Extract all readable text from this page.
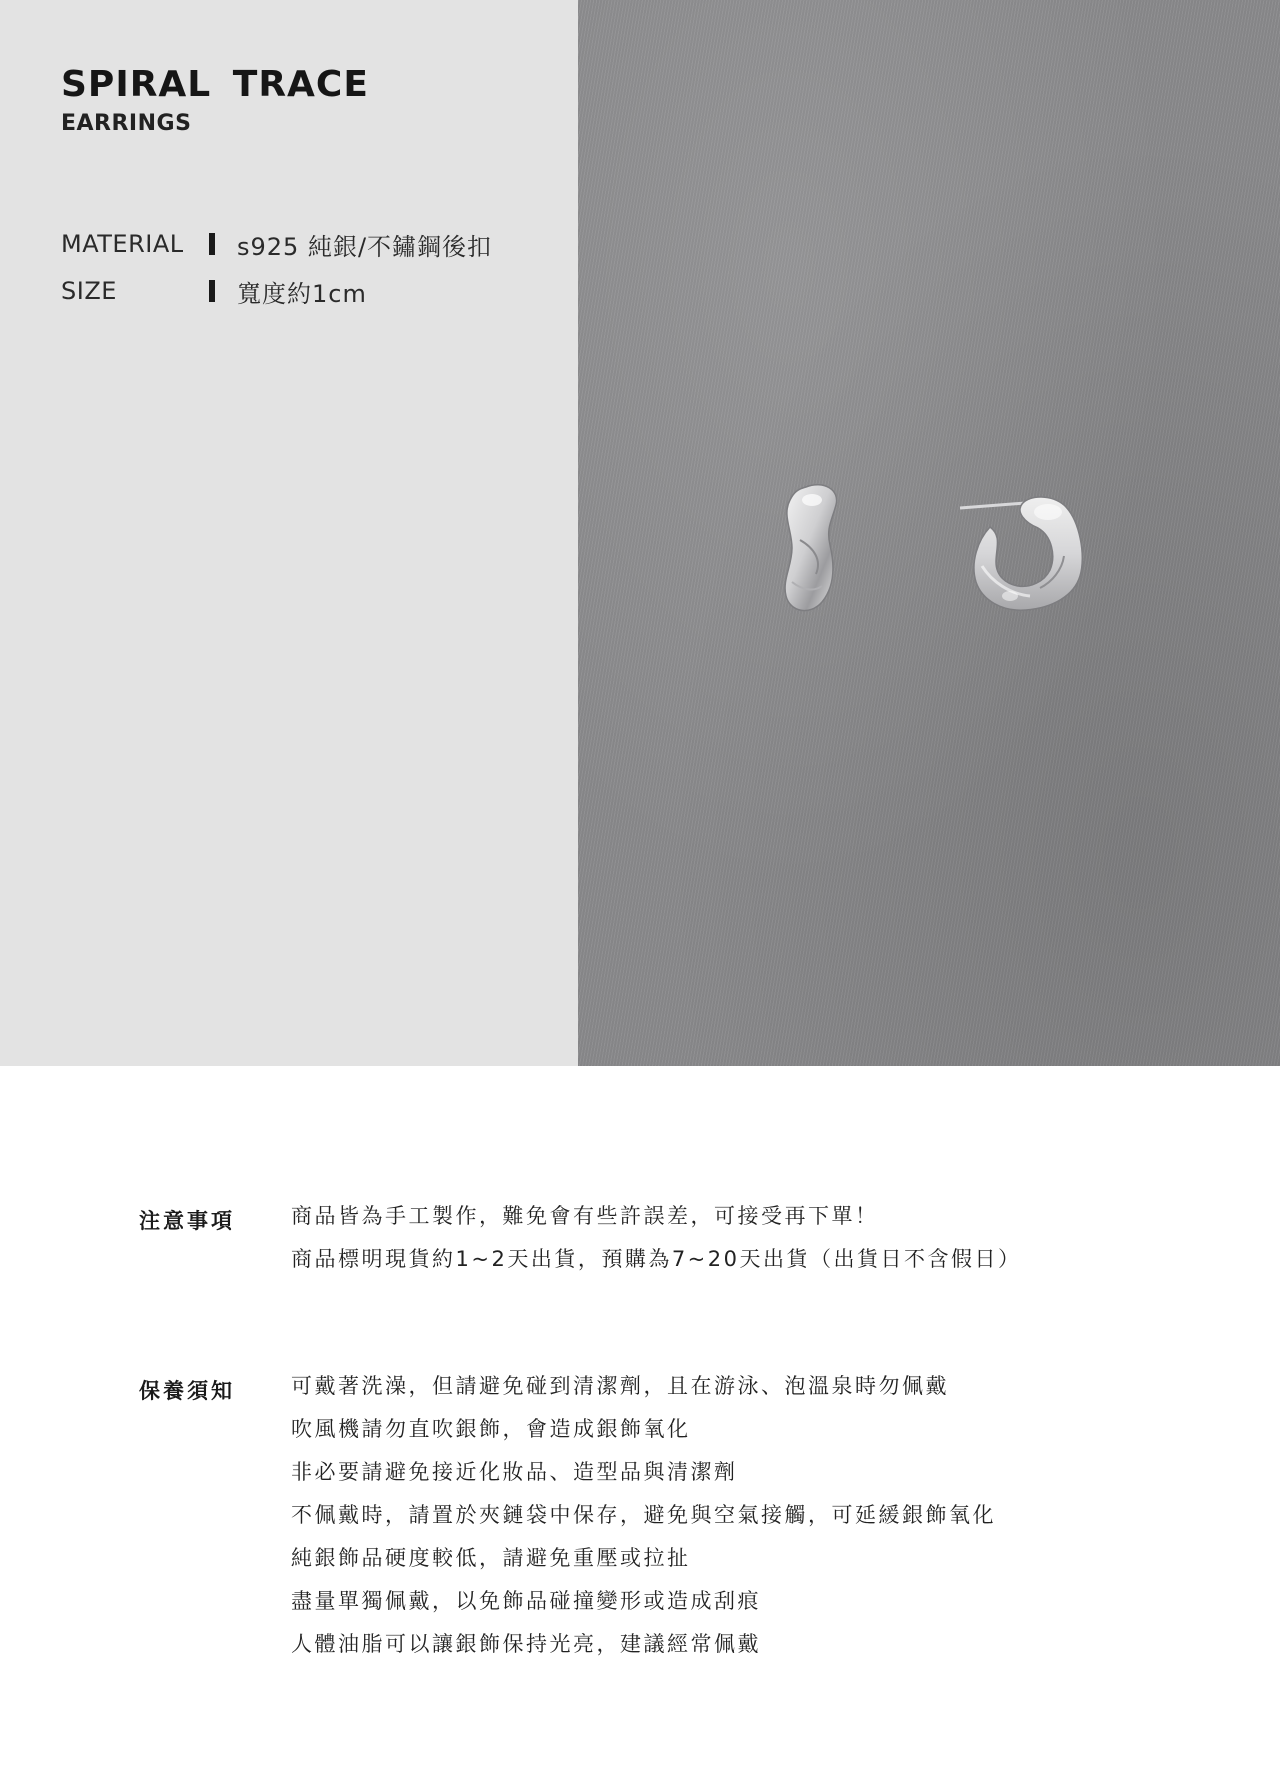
SPIRAL TRACE
EARRINGS
MATERIAL	s925 純銀/不鏽鋼後扣
SIZE	寬度約1cm
注意事項	商品皆為手工製作，難免會有些許誤差，可接受再下單！
商品標明現貨約1~2天出貨，預購為7~20天出貨（出貨日不含假日）
保養須知	可戴著洗澡，但請避免碰到清潔劑，且在游泳、泡溫泉時勿佩戴
吹風機請勿直吹銀飾，會造成銀飾氧化
非必要請避免接近化妝品、造型品與清潔劑
不佩戴時，請置於夾鏈袋中保存，避免與空氣接觸，可延緩銀飾氧化
純銀飾品硬度較低，請避免重壓或拉扯
盡量單獨佩戴，以免飾品碰撞變形或造成刮痕
人體油脂可以讓銀飾保持光亮，建議經常佩戴
